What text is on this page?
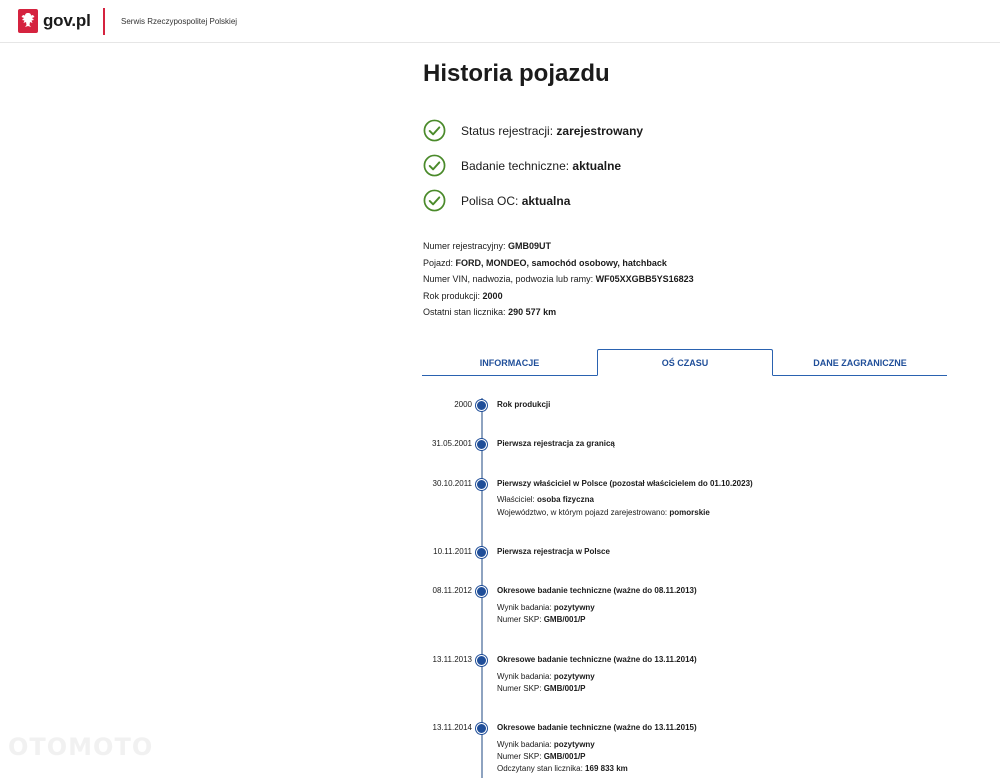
gov.pl	Serwis Rzeczypospolitej Polskiej
Historia pojazdu
Status rejestracji:
zarejestrowany
Badanie techniczne:
aktualne
Polisa OC:
aktualna
Numer rejestracyjny: GMB09UT
Pojazd: FORD, MONDEO, samochód osobowy, hatchback
Numer VIN, nadwozia, podwozia lub ramy: WF05XXGBB5YS16823
Rok produkcji: 2000
Ostatni stan licznika: 290 577 km
INFORMACJE	OŚ CZASU	DANE ZAGRANICZNE
2000	Rok produkcji
31.05.2001	Pierwsza rejestracja za granicą
30.10.2011	Pierwszy właściciel w Polsce (pozostał właścicielem do 01.10.2023)
Właściciel: osoba fizyczna
Województwo, w którym pojazd zarejestrowano: pomorskie
10.11.2011	Pierwsza rejestracja w Polsce
08.11.2012	Okresowe badanie techniczne (ważne do 08.11.2013)
Wynik badania: pozytywny
Numer SKP: GMB/001/P
13.11.2013	Okresowe badanie techniczne (ważne do 13.11.2014)
Wynik badania: pozytywny
Numer SKP: GMB/001/P
13.11.2014	Okresowe badanie techniczne (ważne do 13.11.2015)
Wynik badania: pozytywny
Numer SKP: GMB/001/P
Odczytany stan licznika: 169 833 km
OTOMOTO
